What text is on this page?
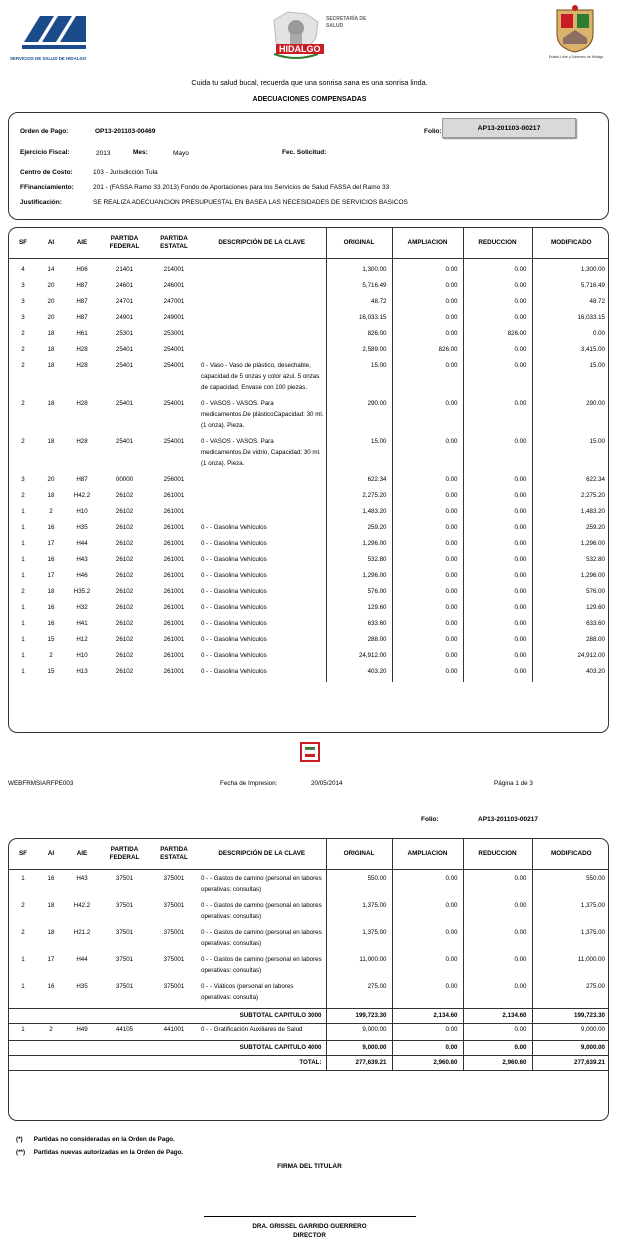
SERVICIOS DE SALUD DE HIDALGO
HIDALGO
SECRETARÍA DE
SALUD
Estado Libre y Soberano de Hidalgo
Cuida tu salud bucal, recuerda que una sonrisa sana es una sonrisa linda.
ADECUACIONES COMPENSADAS
Orden de Pago:	OP13-201103-00469	Folio:	AP13-201103-00217
Ejercicio Fiscal:	2013	Mes:	Mayo	Fec. Solicitud:
Centro de Costo:	103 - Jurisdicción Tula
FFinanciamiento:	201 - (FASSA Ramo 33 2013) Fondo de Aportaciones para los Servicios de Salud FASSA del Ramo 33
Justificación:	SE REALIZA ADECUANCION PRESUPUESTAL EN BASEA LAS NECESIDADES DE SERVICIOS BASICOS
SF	AI	AIE	PARTIDA FEDERAL	PARTIDA ESTATAL	DESCRIPCIÓN DE LA CLAVE	ORIGINAL	AMPLIACION	REDUCCION	MODIFICADO

4	14	H06	21401	214001		1,300.00	0.00	0.00	1,300.00
3	20	H87	24601	246001		5,716.49	0.00	0.00	5,716.49
3	20	H87	24701	247001		48.72	0.00	0.00	48.72
3	20	H87	24901	249001		16,033.15	0.00	0.00	16,033.15
2	18	H61	25301	253001		826.00	0.00	826.00	0.00
2	18	H28	25401	254001		2,589.00	826.00	0.00	3,415.00
2	18	H28	25401	254001	0 - Vaso - Vaso de plástico, desechable, capacidad de 5 onzas y color azul. 5 onzas de capacidad. Envase con 100 piezas.	15.00	0.00	0.00	15.00
2	18	H28	25401	254001	0 - VASOS - VASOS. Para medicamentos.De plásticoCapacidad: 30 ml. (1 onza). Pieza.	290.00	0.00	0.00	290.00
2	18	H28	25401	254001	0 - VASOS - VASOS. Para medicamentos.De vidrio, Capacidad: 30 ml. (1 onza). Pieza.	15.00	0.00	0.00	15.00
3	20	H87	00000	256001		622.34	0.00	0.00	622.34
2	18	H42.2	26102	261001		2,275.20	0.00	0.00	2,275.20
1	2	H10	26102	261001		1,483.20	0.00	0.00	1,483.20
1	16	H35	26102	261001	0 - - Gasolina Vehículos	259.20	0.00	0.00	259.20
1	17	H44	26102	261001	0 - - Gasolina Vehículos	1,296.00	0.00	0.00	1,296.00
1	16	H43	26102	261001	0 - - Gasolina Vehículos	532.80	0.00	0.00	532.80
1	17	H46	26102	261001	0 - - Gasolina Vehículos	1,296.00	0.00	0.00	1,296.00
2	18	H35.2	26102	261001	0 - - Gasolina Vehículos	576.00	0.00	0.00	576.00
1	16	H32	26102	261001	0 - - Gasolina Vehículos	129.60	0.00	0.00	129.60
1	16	H41	26102	261001	0 - - Gasolina Vehículos	633.60	0.00	0.00	633.60
1	15	H12	26102	261001	0 - - Gasolina Vehículos	288.00	0.00	0.00	288.00
1	2	H10	26102	261001	0 - - Gasolina Vehículos	24,912.00	0.00	0.00	24,912.00
1	15	H13	26102	261001	0 - - Gasolina Vehículos	403.20	0.00	0.00	403.20
WEBFRMSIARFPE003	Fecha de Impresion:	20/05/2014	Página 1 de 3
Folio:	AP13-201103-00217
SF	AI	AIE	PARTIDA FEDERAL	PARTIDA ESTATAL	DESCRIPCIÓN DE LA CLAVE	ORIGINAL	AMPLIACION	REDUCCION	MODIFICADO

1	16	H43	37501	375001	0 - - Gastos de camino (personal en labores operativas: consultas)	550.00	0.00	0.00	550.00
2	18	H42.2	37501	375001	0 - - Gastos de camino (personal en labores operativas: consultas)	1,375.00	0.00	0.00	1,375.00
2	18	H21.2	37501	375001	0 - - Gastos de camino (personal en labores operativas: consultas)	1,375.00	0.00	0.00	1,375.00
1	17	H44	37501	375001	0 - - Gastos de camino (personal en labores operativas: consultas)	11,000.00	0.00	0.00	11,000.00
1	16	H35	37501	375001	0 - - Viáticos (personal en labores operativas: consulta)	275.00	0.00	0.00	275.00
SUBTOTAL CAPITULO 3000						199,723.30	2,134.60	2,134.60	199,723.30
1	2	H49	44105	441001	0 - - Gratificación Auxiliares de Salud	9,000.00	0.00	0.00	9,000.00
SUBTOTAL CAPITULO 4000						9,000.00	0.00	0.00	9,000.00
TOTAL:						277,639.21	2,960.60	2,960.60	277,639.21
(*) Partidas no consideradas en la Orden de Pago.
(**) Partidas nuevas autorizadas en la Orden de Pago.
FIRMA DEL TITULAR
DRA. GRISSEL GARRIDO GUERRERO
DIRECTOR
